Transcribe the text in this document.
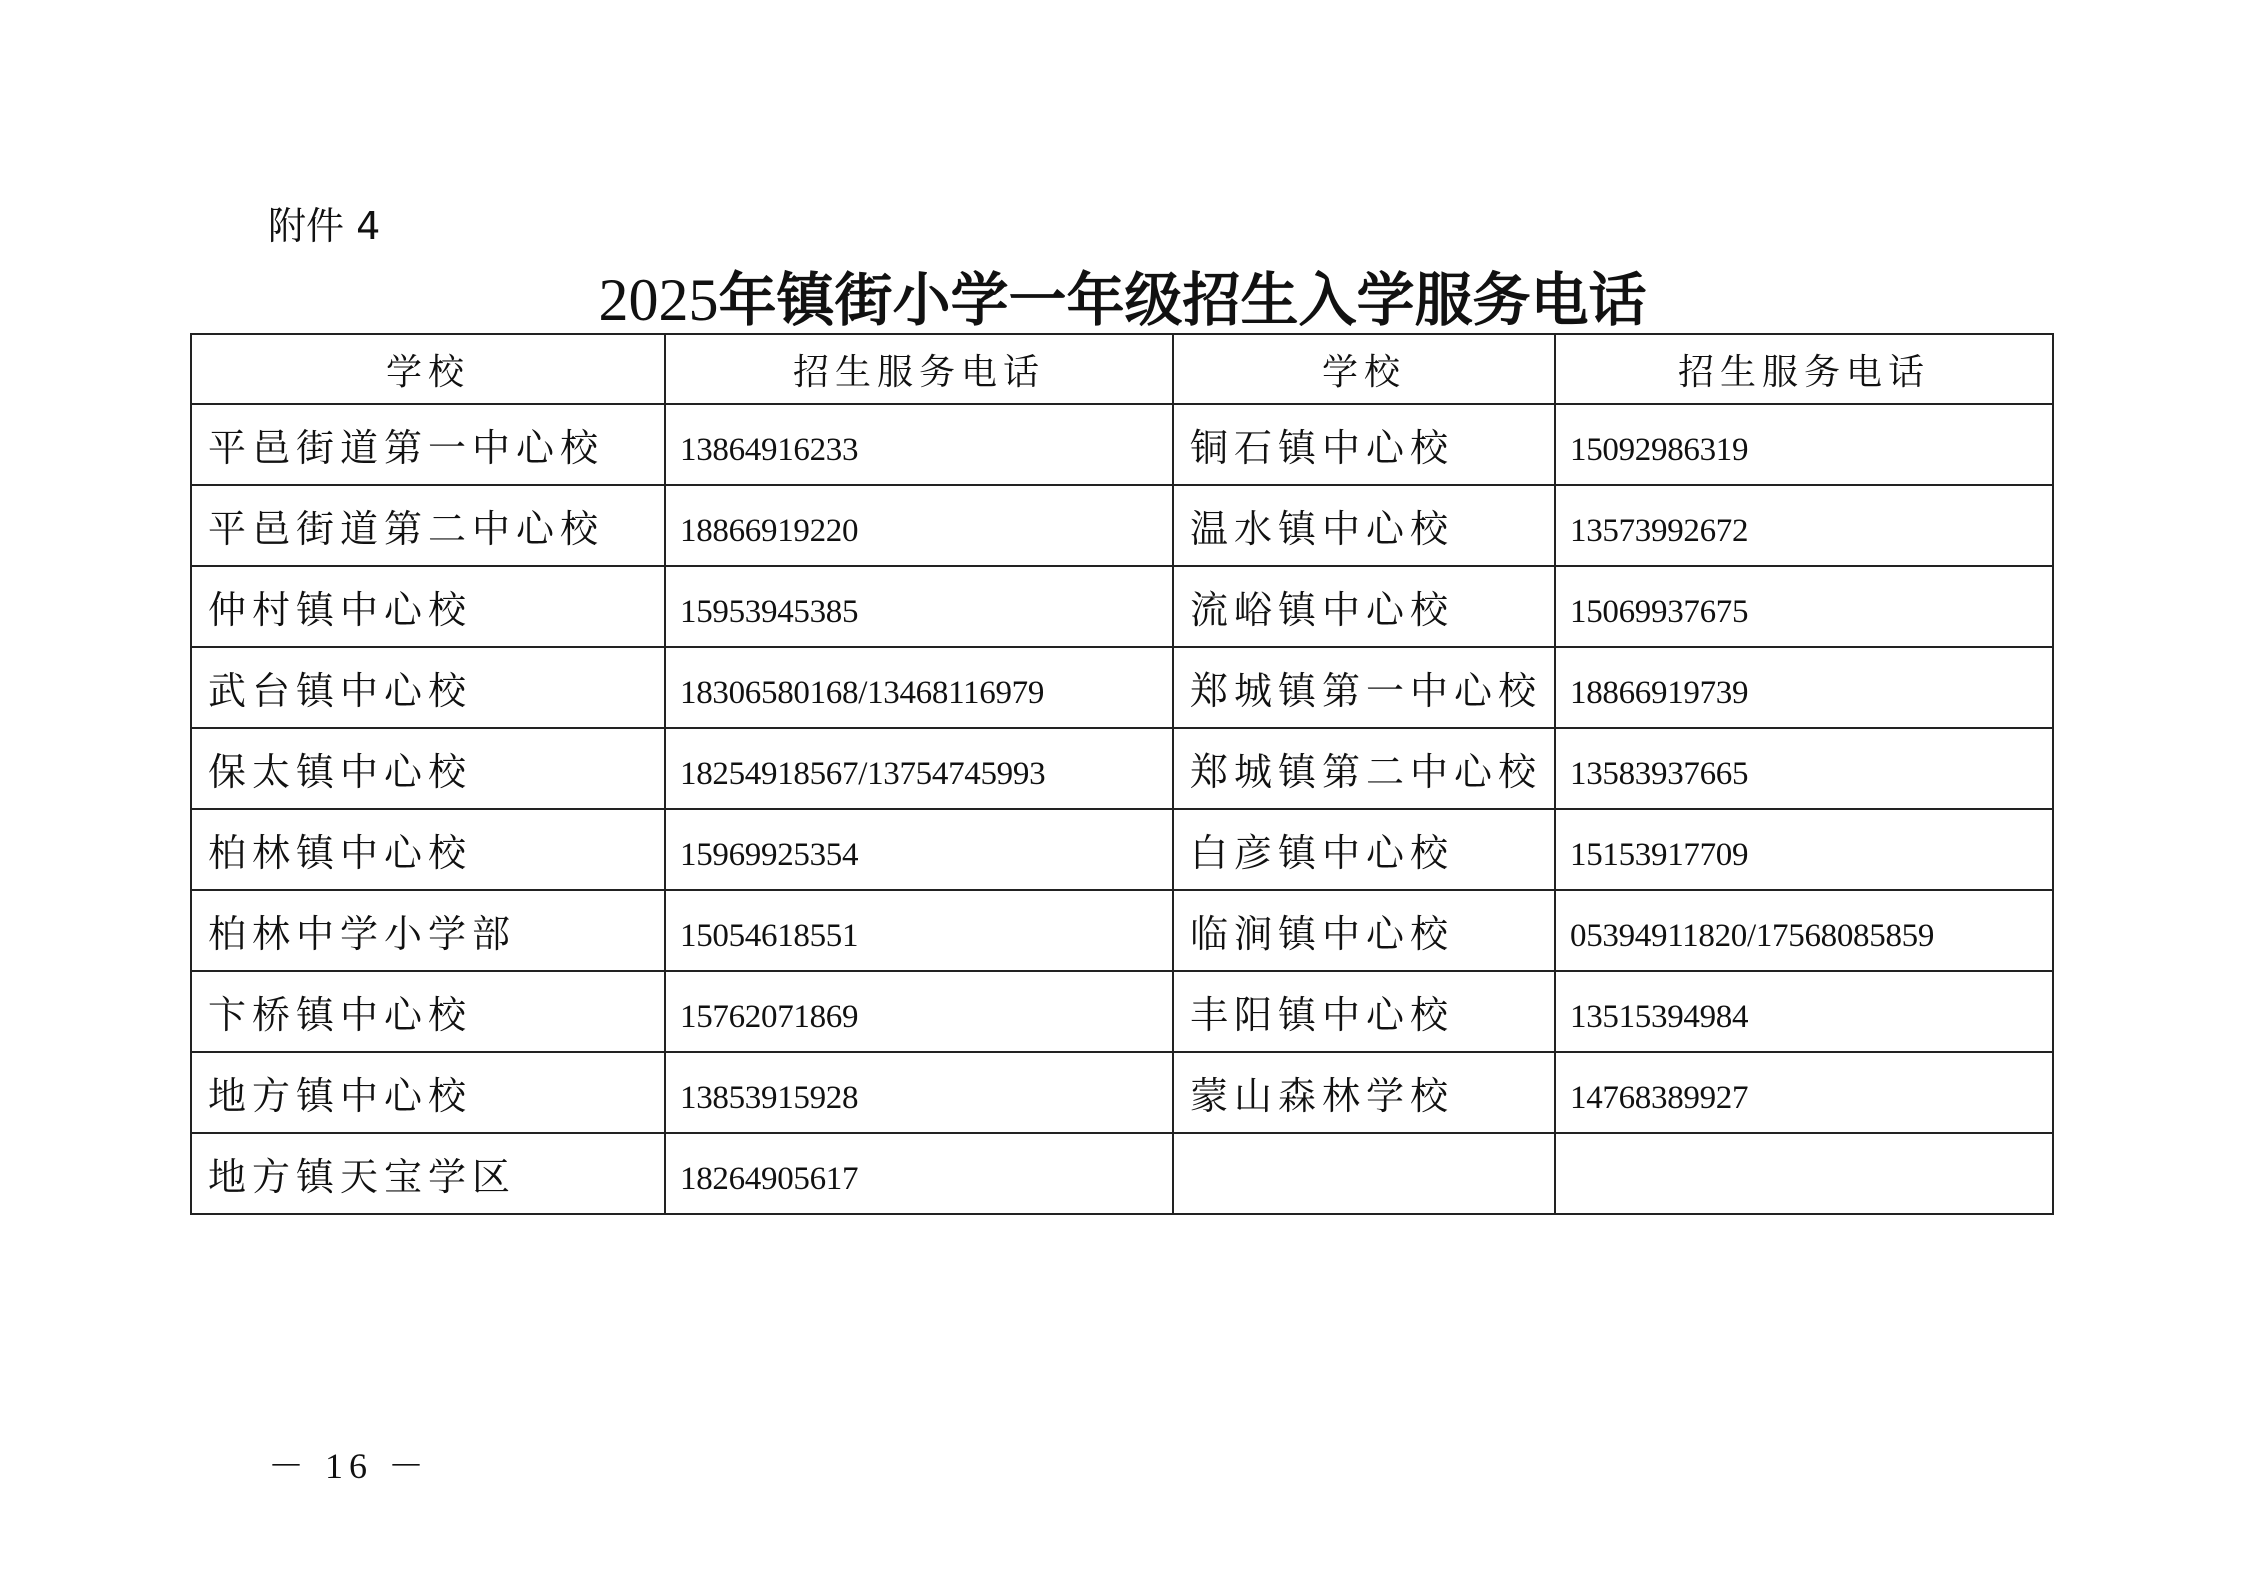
附件 4
2025年镇街小学一年级招生入学服务电话
学校	招生服务电话	学校	招生服务电话
平邑街道第一中心校	13864916233	铜石镇中心校	15092986319
平邑街道第二中心校	18866919220	温水镇中心校	13573992672
仲村镇中心校	15953945385	流峪镇中心校	15069937675
武台镇中心校	18306580168/13468116979	郑城镇第一中心校	18866919739
保太镇中心校	18254918567/13754745993	郑城镇第二中心校	13583937665
柏林镇中心校	15969925354	白彦镇中心校	15153917709
柏林中学小学部	15054618551	临涧镇中心校	05394911820/17568085859
卞桥镇中心校	15762071869	丰阳镇中心校	13515394984
地方镇中心校	13853915928	蒙山森林学校	14768389927
地方镇天宝学区	18264905617		
－ 16 －
